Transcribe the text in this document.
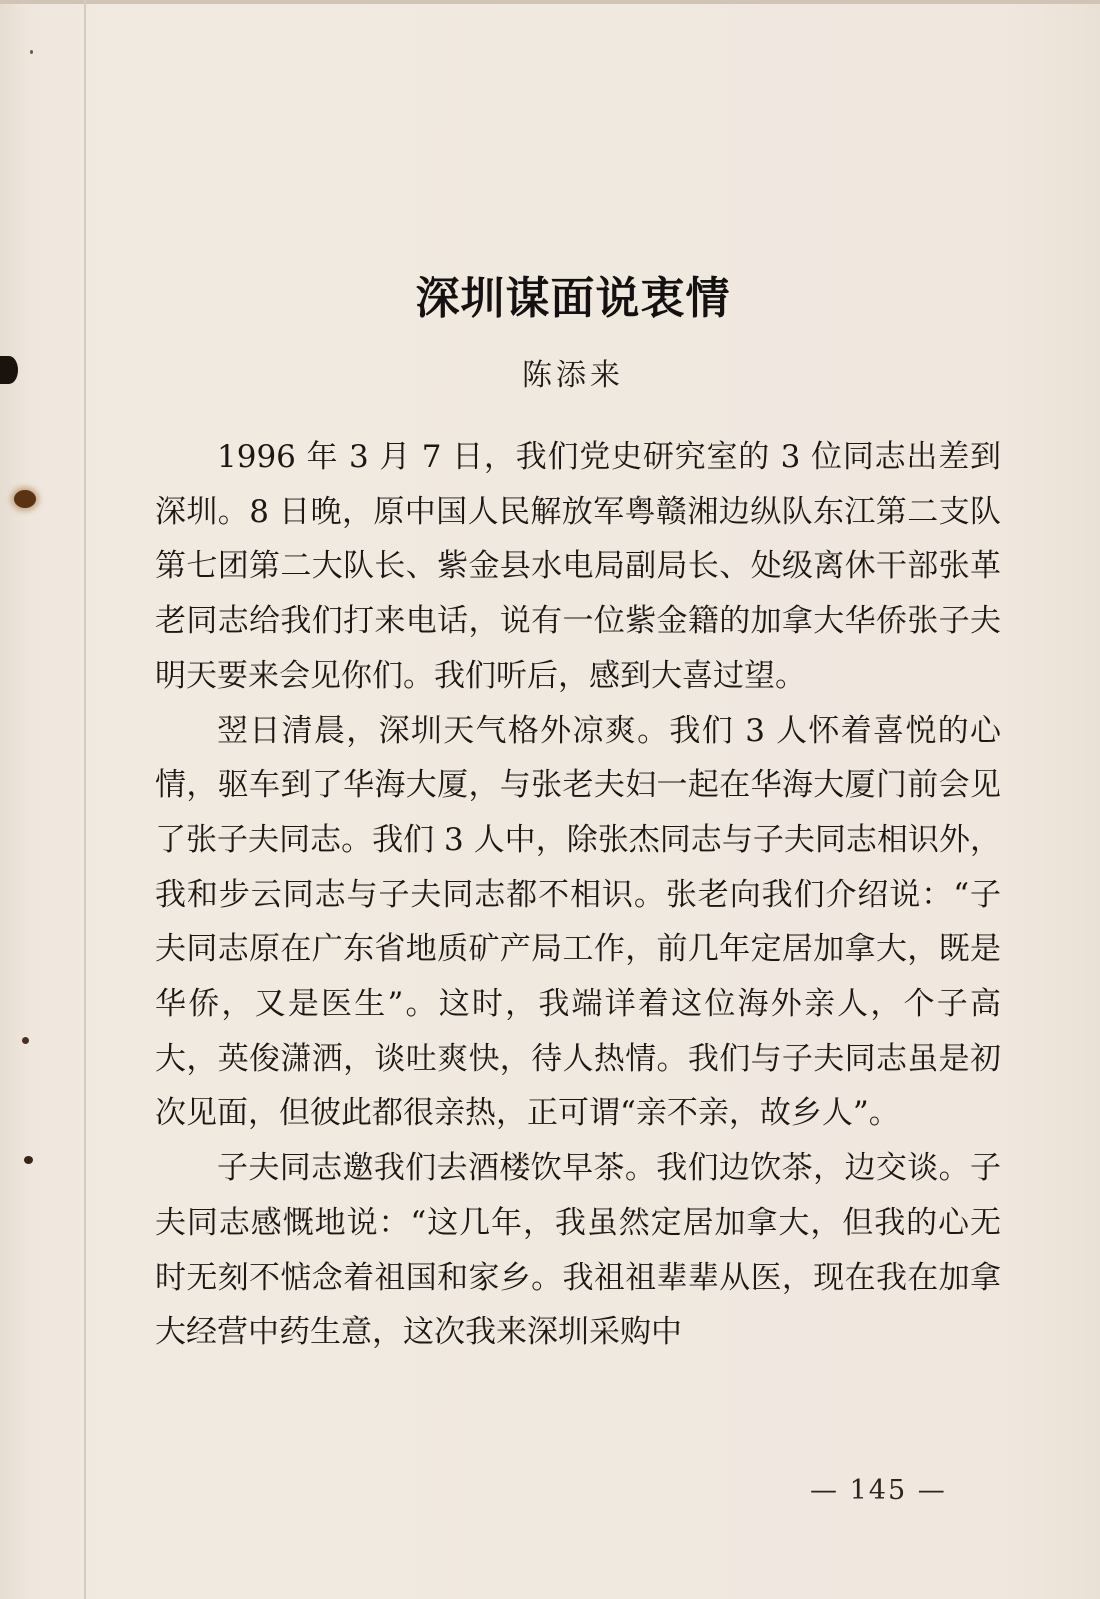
深圳谋面说衷情
陈添来

1996 年 3 月 7 日，我们党史研究室的 3 位同志出差到深圳。8 日晚，原中国人民解放军粤赣湘边纵队东江第二支队第七团第二大队长、紫金县水电局副局长、处级离休干部张革老同志给我们打来电话，说有一位紫金籍的加拿大华侨张子夫明天要来会见你们。我们听后，感到大喜过望。

翌日清晨，深圳天气格外凉爽。我们 3 人怀着喜悦的心情，驱车到了华海大厦，与张老夫妇一起在华海大厦门前会见了张子夫同志。我们 3 人中，除张杰同志与子夫同志相识外，我和步云同志与子夫同志都不相识。张老向我们介绍说：“子夫同志原在广东省地质矿产局工作，前几年定居加拿大，既是华侨，又是医生”。这时，我端详着这位海外亲人，个子高大，英俊潇洒，谈吐爽快，待人热情。我们与子夫同志虽是初次见面，但彼此都很亲热，正可谓“亲不亲，故乡人”。

子夫同志邀我们去酒楼饮早茶。我们边饮茶，边交谈。子夫同志感慨地说：“这几年，我虽然定居加拿大，但我的心无时无刻不惦念着祖国和家乡。我祖祖辈辈从医，现在我在加拿大经营中药生意，这次我来深圳采购中

— 145 —
